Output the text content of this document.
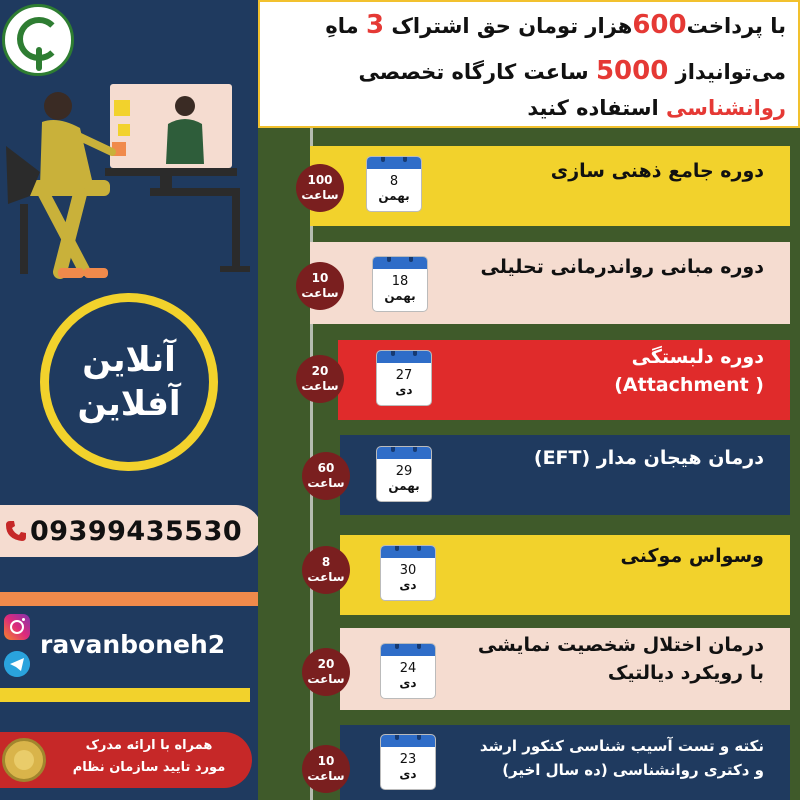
آنلاین
آفلاین
09399435530
ravanboneh2
همراه با ارائه مدرک
مورد تایید سازمان نظام
با پرداخت600هزار تومان حق اشتراک 3 ماهِ
می‌توانیداز 5000 ساعت کارگاه تخصصی
روانشناسی استفاده کنید
دوره جامع ذهنی سازی
100
ساعت
8
بهمن
دوره مبانی رواندرمانی تحلیلی
10
ساعت
18
بهمن
دوره دلبستگی
( Attachment)
20
ساعت
27
دی
درمان هیجان مدار (EFT)
60
ساعت
29
بهمن
وسواس موکنی
8
ساعت	30
دی
درمان اختلال شخصیت نمایشی
با رویکرد دیالتیک
20
ساعت
24
دی
نکته و تست آسیب شناسی کنکور ارشد
و دکتری روانشناسی (ده سال اخیر)
10
ساعت
23
دی
